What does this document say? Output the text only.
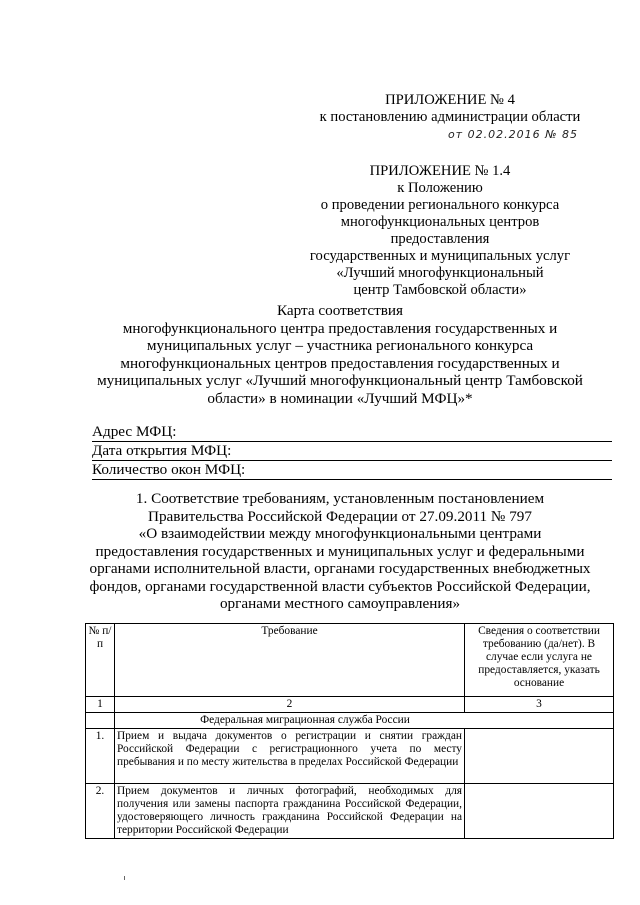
ПРИЛОЖЕНИЕ № 4
к постановлению администрации области
от 02.02.2016 № 85
ПРИЛОЖЕНИЕ № 1.4
к Положению
о проведении регионального конкурса
многофункциональных центров предоставления
государственных и муниципальных услуг
«Лучший многофункциональный
центр Тамбовской области»
Карта соответствия
многофункционального центра предоставления государственных и
муниципальных услуг – участника регионального конкурса
многофункциональных центров предоставления государственных и
муниципальных услуг «Лучший многофункциональный центр Тамбовской
области» в номинации «Лучший МФЦ»*
Адрес МФЦ:
Дата открытия МФЦ:
Количество окон МФЦ:
1. Соответствие требованиям, установленным постановлением
Правительства Российской Федерации от 27.09.2011 № 797
«О взаимодействии между многофункциональными центрами
предоставления государственных и муниципальных услуг и федеральными
органами исполнительной власти, органами государственных внебюджетных
фондов, органами государственной власти субъектов Российской Федерации,
органами местного самоуправления»
№ п/п	Требование	Сведения о соответствии требованию (да/нет). В случае если услуга не предоставляется, указать основание
1	2	3
	Федеральная миграционная служба России	
1.	Прием и выдача документов о регистрации и снятии граждан Российской Федерации с регистрационного учета по месту пребывания и по месту жительства в пределах Российской Федерации	
2.	Прием документов и личных фотографий, необходимых для получения или замены паспорта гражданина Российской Федерации, удостоверяющего личность гражданина Российской Федерации на территории Российской Федерации	
